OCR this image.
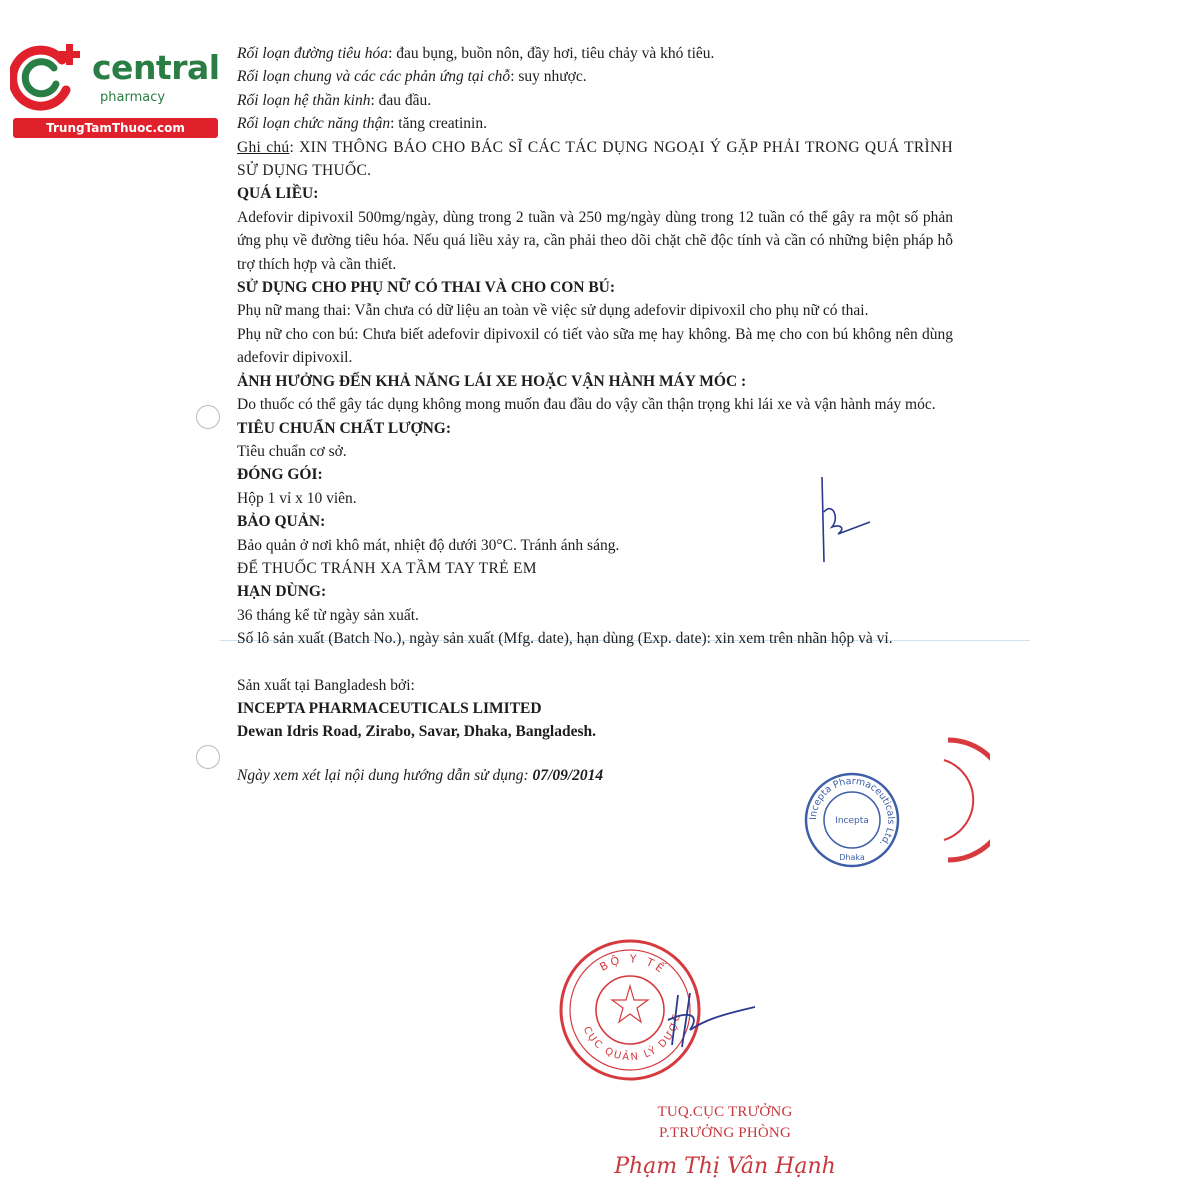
central
pharmacy
TrungTamThuoc.com

Rối loạn đường tiêu hóa: đau bụng, buồn nôn, đầy hơi, tiêu chảy và khó tiêu.

Rối loạn chung và các các phản ứng tại chỗ: suy nhược.

Rối loạn hệ thần kinh: đau đầu.

Rối loạn chức năng thận: tăng creatinin.

Ghi chú: XIN THÔNG BÁO CHO BÁC SĨ CÁC TÁC DỤNG NGOẠI Ý GẶP PHẢI TRONG QUÁ TRÌNH SỬ DỤNG THUỐC.

QUÁ LIỀU:

Adefovir dipivoxil 500mg/ngày, dùng trong 2 tuần và 250 mg/ngày dùng trong 12 tuần có thể gây ra một số phản ứng phụ về đường tiêu hóa. Nếu quá liều xảy ra, cần phải theo dõi chặt chẽ độc tính và cần có những biện pháp hỗ trợ thích hợp và cần thiết.

SỬ DỤNG CHO PHỤ NỮ CÓ THAI VÀ CHO CON BÚ:

Phụ nữ mang thai: Vẫn chưa có dữ liệu an toàn về việc sử dụng adefovir dipivoxil cho phụ nữ có thai.

Phụ nữ cho con bú: Chưa biết adefovir dipivoxil có tiết vào sữa mẹ hay không. Bà mẹ cho con bú không nên dùng adefovir dipivoxil.

ẢNH HƯỞNG ĐẾN KHẢ NĂNG LÁI XE HOẶC VẬN HÀNH MÁY MÓC :

Do thuốc có thể gây tác dụng không mong muốn đau đầu do vậy cần thận trọng khi lái xe và vận hành máy móc.

TIÊU CHUẨN CHẤT LƯỢNG:

Tiêu chuẩn cơ sở.

ĐÓNG GÓI:

Hộp 1 vỉ x 10 viên.

BẢO QUẢN:

Bảo quản ở nơi khô mát, nhiệt độ dưới 30°C. Tránh ánh sáng.

ĐỂ THUỐC TRÁNH XA TẦM TAY TRẺ EM

HẠN DÙNG:

36 tháng kể từ ngày sản xuất.

Số lô sản xuất (Batch No.), ngày sản xuất (Mfg. date), hạn dùng (Exp. date): xin xem trên nhãn hộp và vỉ.

Sản xuất tại Bangladesh bởi:

INCEPTA PHARMACEUTICALS LIMITED

Dewan Idris Road, Zirabo, Savar, Dhaka, Bangladesh.

Ngày xem xét lại nội dung hướng dẫn sử dụng: 07/09/2014

Incepta Pharmaceuticals Ltd.
Incepta
Dhaka
BỘ Y TẾ
CỤC QUẢN LÝ DƯỢC
TUQ.CỤC TRƯỞNG
P.TRƯỞNG PHÒNG
Phạm Thị Vân Hạnh
